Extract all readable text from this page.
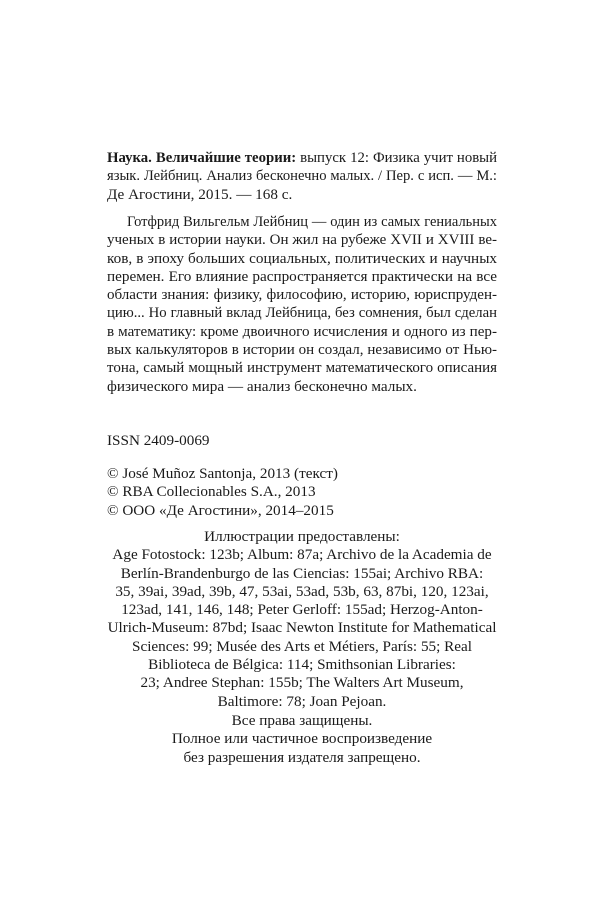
Наука. Величайшие теории: выпуск 12: Физика учит новый
язык. Лейбниц. Анализ бесконечно малых. / Пер. с исп. — М.:
Де Агостини, 2015. — 168 с.
Готфрид Вильгельм Лейбниц — один из самых гениальных
ученых в истории науки. Он жил на рубеже XVII и XVIII ве-
ков, в эпоху больших социальных, политических и научных
перемен. Его влияние распространяется практически на все
области знания: физику, философию, историю, юриспруден-
цию... Но главный вклад Лейбница, без сомнения, был сделан
в математику: кроме двоичного исчисления и одного из пер-
вых калькуляторов в истории он создал, независимо от Нью-
тона, самый мощный инструмент математического описания
физического мира — анализ бесконечно малых.
ISSN 2409-0069
© José Muñoz Santonja, 2013 (текст)
© RBA Collecionables S.A., 2013
© ООО «Де Агостини», 2014–2015
Иллюстрации предоставлены:
Age Fotostock: 123b; Album: 87a; Archivo de la Academia de
Berlín-Brandenburgo de las Ciencias: 155ai; Archivo RBA:
35, 39ai, 39ad, 39b, 47, 53ai, 53ad, 53b, 63, 87bi, 120, 123ai,
123ad, 141, 146, 148; Peter Gerloff: 155ad; Herzog-Anton-
Ulrich-Museum: 87bd; Isaac Newton Institute for Mathematical
Sciences: 99; Musée des Arts et Métiers, París: 55; Real
Biblioteca de Bélgica: 114; Smithsonian Libraries:
23; Andree Stephan: 155b; The Walters Art Museum,
Baltimore: 78; Joan Pejoan.
Все права защищены.
Полное или частичное воспроизведение
без разрешения издателя запрещено.
